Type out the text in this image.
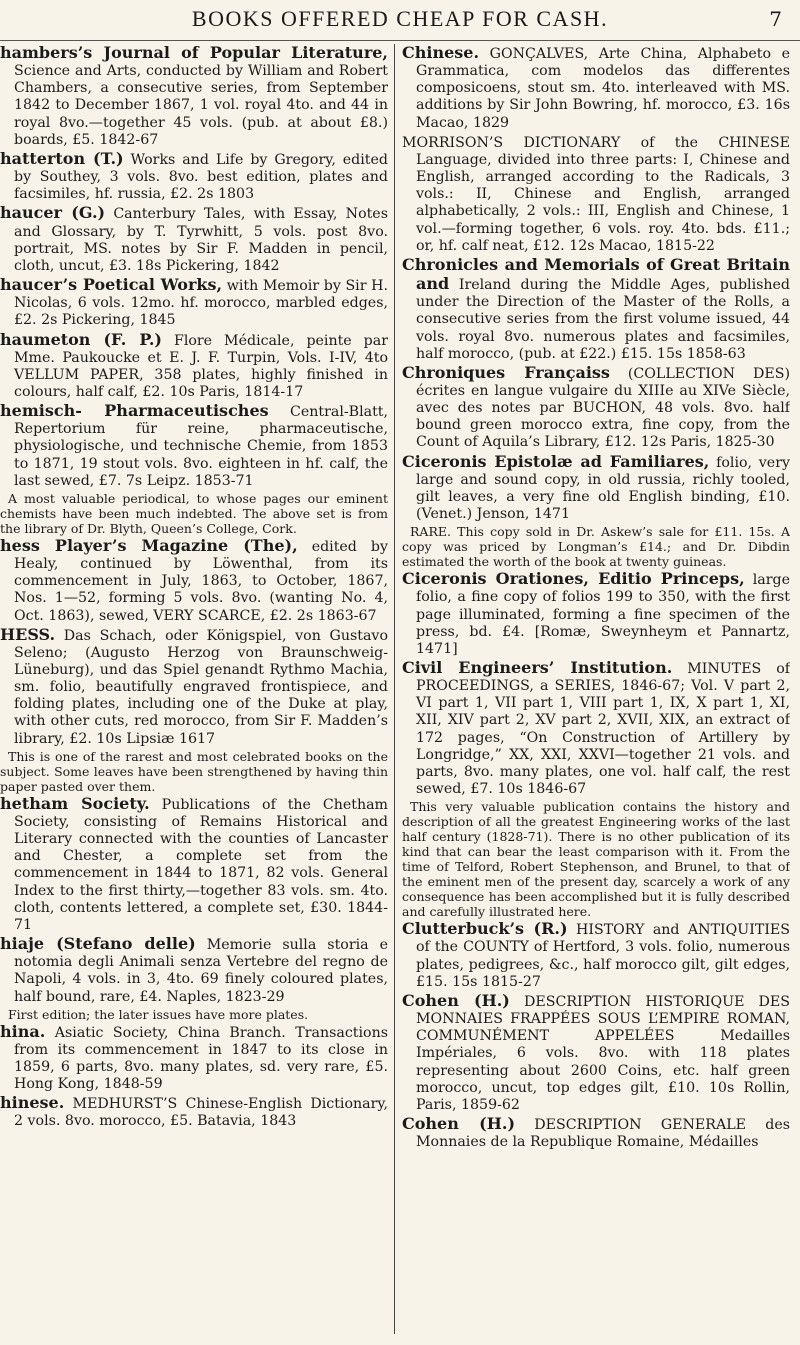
BOOKS OFFERED CHEAP FOR CASH.	7

hambers’s Journal of Popular Literature, Science and Arts, conducted by William and Robert Chambers, a consecutive series, from September 1842 to December 1867, 1 vol. royal 4to. and 44 in royal 8vo.—together 45 vols. (pub. at about £8.) boards, £5. 1842-67

hatterton (T.) Works and Life by Gregory, edited by Southey, 3 vols. 8vo. best edition, plates and facsimiles, hf. russia, £2. 2s 1803

haucer (G.) Canterbury Tales, with Essay, Notes and Glossary, by T. Tyrwhitt, 5 vols. post 8vo. portrait, MS. notes by Sir F. Madden in pencil, cloth, uncut, £3. 18s Pickering, 1842

haucer’s Poetical Works, with Memoir by Sir H. Nicolas, 6 vols. 12mo. hf. morocco, marbled edges, £2. 2s Pickering, 1845

haumeton (F. P.) Flore Médicale, peinte par Mme. Paukoucke et E. J. F. Turpin, Vols. I-IV, 4to VELLUM PAPER, 358 plates, highly finished in colours, half calf, £2. 10s Paris, 1814-17

hemisch- Pharmaceutisches Central-Blatt, Repertorium für reine, pharmaceutische, physiologische, und technische Chemie, from 1853 to 1871, 19 stout vols. 8vo. eighteen in hf. calf, the last sewed, £7. 7s Leipz. 1853-71

A most valuable periodical, to whose pages our eminent chemists have been much indebted. The above set is from the library of Dr. Blyth, Queen’s College, Cork.

hess Player’s Magazine (The), edited by Healy, continued by Löwenthal, from its commencement in July, 1863, to October, 1867, Nos. 1—52, forming 5 vols. 8vo. (wanting No. 4, Oct. 1863), sewed, VERY SCARCE, £2. 2s 1863-67

HESS. Das Schach, oder Königspiel, von Gustavo Seleno; (Augusto Herzog von Braunschweig-Lüneburg), und das Spiel genandt Rythmo Machia, sm. folio, beautifully engraved frontispiece, and folding plates, including one of the Duke at play, with other cuts, red morocco, from Sir F. Madden’s library, £2. 10s Lipsiæ 1617

This is one of the rarest and most celebrated books on the subject. Some leaves have been strengthened by having thin paper pasted over them.

hetham Society. Publications of the Chetham Society, consisting of Remains Historical and Literary connected with the counties of Lancaster and Chester, a complete set from the commencement in 1844 to 1871, 82 vols. General Index to the first thirty,—together 83 vols. sm. 4to. cloth, contents lettered, a complete set, £30. 1844-71

hiaje (Stefano delle) Memorie sulla storia e notomia degli Animali senza Vertebre del regno de Napoli, 4 vols. in 3, 4to. 69 finely coloured plates, half bound, rare, £4. Naples, 1823-29

First edition; the later issues have more plates.

hina. Asiatic Society, China Branch. Transactions from its commencement in 1847 to its close in 1859, 6 parts, 8vo. many plates, sd. very rare, £5. Hong Kong, 1848-59

hinese. MEDHURST’S Chinese-English Dictionary, 2 vols. 8vo. morocco, £5. Batavia, 1843

Chinese. GONÇALVES, Arte China, Alphabeto e Grammatica, com modelos das differentes composicoens, stout sm. 4to. interleaved with MS. additions by Sir John Bowring, hf. morocco, £3. 16s Macao, 1829

MORRISON’S DICTIONARY of the CHINESE Language, divided into three parts: I, Chinese and English, arranged according to the Radicals, 3 vols.: II, Chinese and English, arranged alphabetically, 2 vols.: III, English and Chinese, 1 vol.—forming together, 6 vols. roy. 4to. bds. £11.; or, hf. calf neat, £12. 12s Macao, 1815-22

Chronicles and Memorials of Great Britain and Ireland during the Middle Ages, published under the Direction of the Master of the Rolls, a consecutive series from the first volume issued, 44 vols. royal 8vo. numerous plates and facsimiles, half morocco, (pub. at £22.) £15. 15s 1858-63

Chroniques Françaiss (COLLECTION DES) écrites en langue vulgaire du XIIIe au XIVe Siècle, avec des notes par BUCHON, 48 vols. 8vo. half bound green morocco extra, fine copy, from the Count of Aquila’s Library, £12. 12s Paris, 1825-30

Ciceronis Epistolæ ad Familiares, folio, very large and sound copy, in old russia, richly tooled, gilt leaves, a very fine old English binding, £10. (Venet.) Jenson, 1471

RARE. This copy sold in Dr. Askew’s sale for £11. 15s. A copy was priced by Longman’s £14.; and Dr. Dibdin estimated the worth of the book at twenty guineas.

Ciceronis Orationes, Editio Princeps, large folio, a fine copy of folios 199 to 350, with the first page illuminated, forming a fine specimen of the press, bd. £4. [Romæ, Sweynheym et Pannartz, 1471]

Civil Engineers’ Institution. MINUTES of PROCEEDINGS, a SERIES, 1846-67; Vol. V part 2, VI part 1, VII part 1, VIII part 1, IX, X part 1, XI, XII, XIV part 2, XV part 2, XVII, XIX, an extract of 172 pages, “On Construction of Artillery by Longridge,” XX, XXI, XXVI—together 21 vols. and parts, 8vo. many plates, one vol. half calf, the rest sewed, £7. 10s 1846-67

This very valuable publication contains the history and description of all the greatest Engineering works of the last half century (1828-71). There is no other publication of its kind that can bear the least comparison with it. From the time of Telford, Robert Stephenson, and Brunel, to that of the eminent men of the present day, scarcely a work of any consequence has been accomplished but it is fully described and carefully illustrated here.

Clutterbuck’s (R.) HISTORY and ANTIQUITIES of the COUNTY of Hertford, 3 vols. folio, numerous plates, pedigrees, &c., half morocco gilt, gilt edges, £15. 15s 1815-27

Cohen (H.) DESCRIPTION HISTORIQUE DES MONNAIES FRAPPÉES SOUS L’EMPIRE ROMAN, COMMUNÉMENT APPELÉES Medailles Impériales, 6 vols. 8vo. with 118 plates representing about 2600 Coins, etc. half green morocco, uncut, top edges gilt, £10. 10s Rollin, Paris, 1859-62

Cohen (H.) DESCRIPTION GENERALE des Monnaies de la Republique Romaine, Médailles
